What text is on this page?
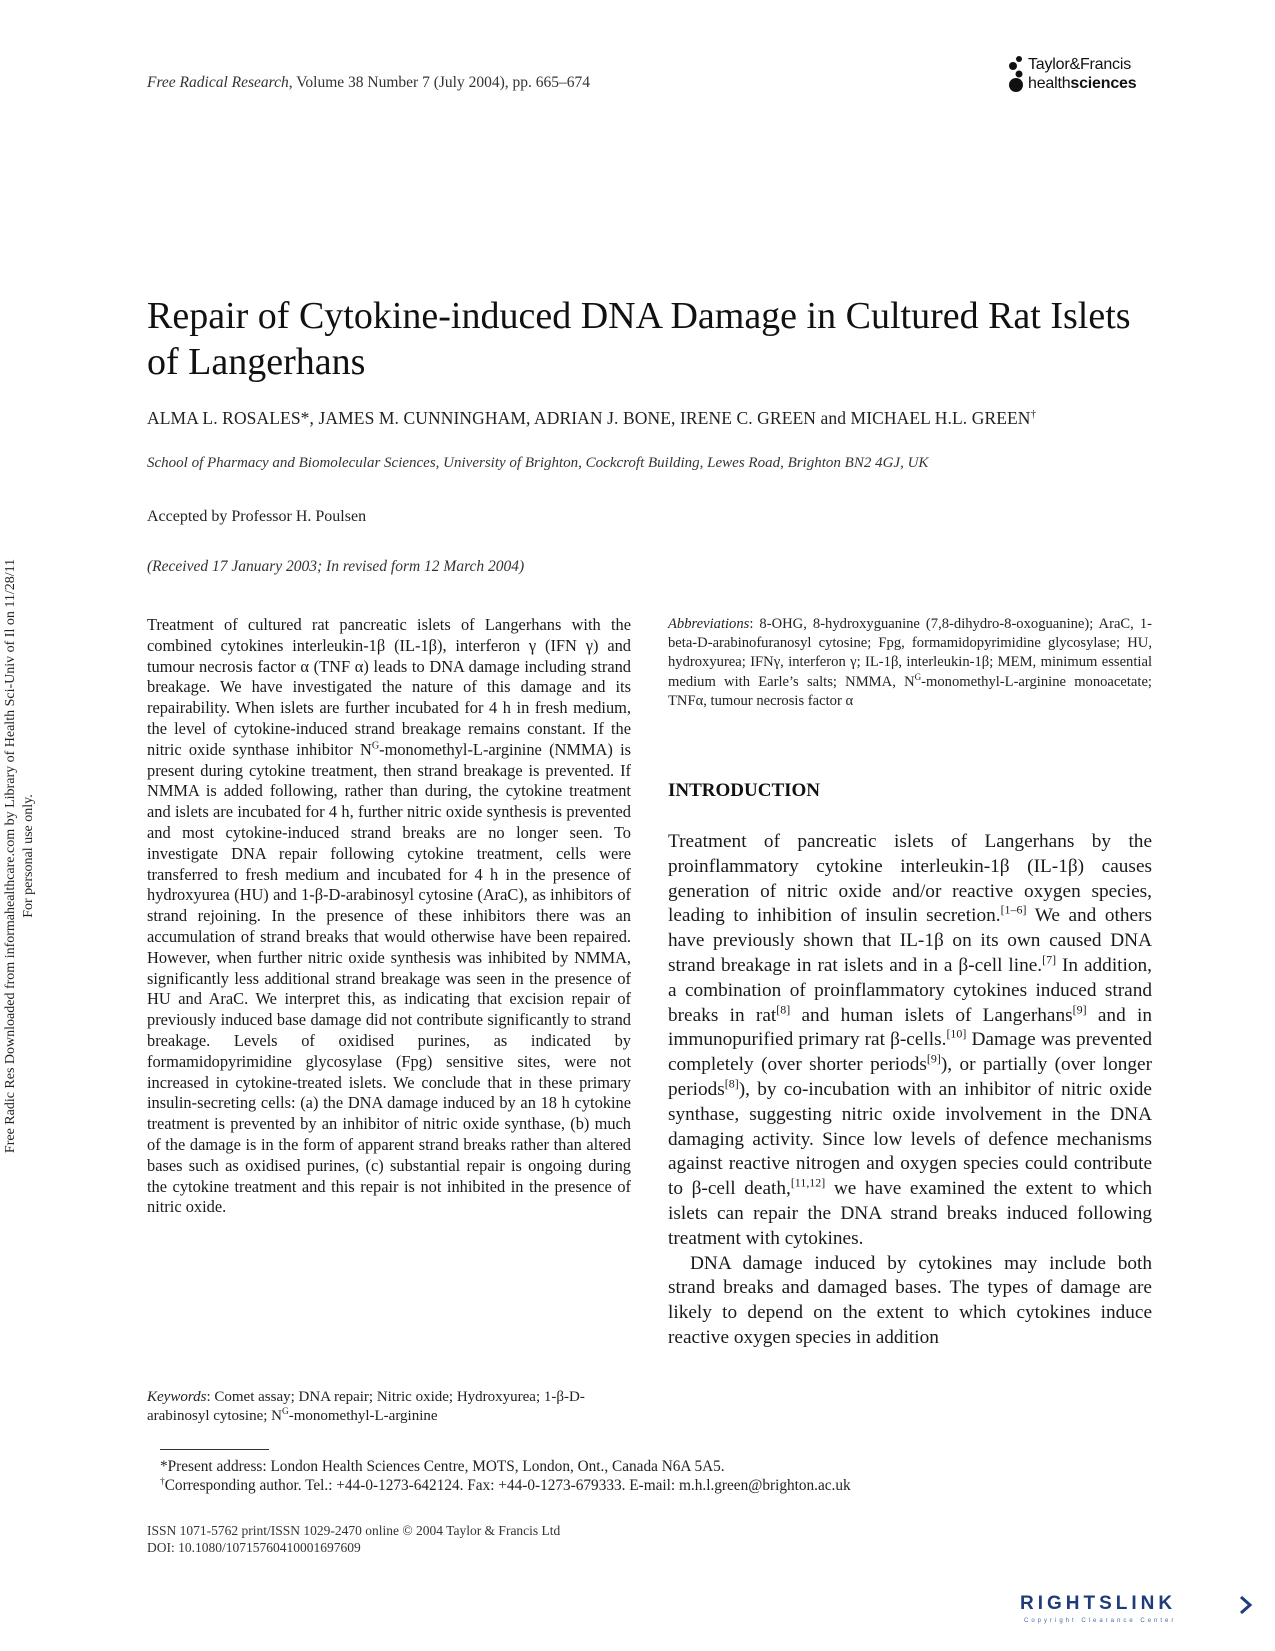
Free Radical Research, Volume 38 Number 7 (July 2004), pp. 665–674
Taylor&Francis
healthsciences
Free Radic Res Downloaded from informahealthcare.com by Library of Health Sci-Univ of Il on 11/28/11 For personal use only.
Repair of Cytokine-induced DNA Damage in Cultured Rat Islets of Langerhans
ALMA L. ROSALES*, JAMES M. CUNNINGHAM, ADRIAN J. BONE, IRENE C. GREEN and MICHAEL H.L. GREEN†
School of Pharmacy and Biomolecular Sciences, University of Brighton, Cockcroft Building, Lewes Road, Brighton BN2 4GJ, UK
Accepted by Professor H. Poulsen
(Received 17 January 2003; In revised form 12 March 2004)
Treatment of cultured rat pancreatic islets of Langerhans with the combined cytokines interleukin-1β (IL-1β), interferon γ (IFN γ) and tumour necrosis factor α (TNF α) leads to DNA damage including strand breakage. We have investigated the nature of this damage and its repairability. When islets are further incubated for 4 h in fresh medium, the level of cytokine-induced strand breakage remains constant. If the nitric oxide synthase inhibitor $N^G-monomethyl-L$-arginine (NMMA) is present during cytokine treatment, then strand breakage is prevented. If NMMA is added following, rather than during, the cytokine treatment and islets are incubated for 4 h, further nitric oxide synthesis is prevented and most cytokine-induced strand breaks are no longer seen. To investigate DNA repair following cytokine treatment, cells were transferred to fresh medium and incubated for 4 h in the presence of hydroxyurea (HU) and 1-β-D-arabinosyl cytosine (AraC), as inhibitors of strand rejoining. In the presence of these inhibitors there was an accumulation of strand breaks that would otherwise have been repaired. However, when further nitric oxide synthesis was inhibited by NMMA, significantly less additional strand breakage was seen in the presence of HU and AraC. We interpret this, as indicating that excision repair of previously induced base damage did not contribute significantly to strand breakage. Levels of oxidised purines, as indicated by formamidopyrimidine glycosylase (Fpg) sensitive sites, were not increased in cytokine-treated islets. We conclude that in these primary insulin-secreting cells: (a) the DNA damage induced by an 18 h cytokine treatment is prevented by an inhibitor of nitric oxide synthase, (b) much of the damage is in the form of apparent strand breaks rather than altered bases such as oxidised purines, (c) substantial repair is ongoing during the cytokine treatment and this repair is not inhibited in the presence of nitric oxide.
Keywords: Comet assay; DNA repair; Nitric oxide; Hydroxyurea; 1-β-D-arabinosyl cytosine; $N^G-monomethyl-L$-arginine
Abbreviations: 8-OHG, 8-hydroxyguanine (7,8-dihydro-8-oxoguanine); AraC, 1-beta-D-arabinofuranosyl cytosine; Fpg, formamidopyrimidine glycosylase; HU, hydroxyurea; IFNγ, interferon γ; IL-1β, interleukin-1β; MEM, minimum essential medium with Earle’s salts; NMMA, $N^G-monomethyl-L$-arginine monoacetate; TNFα, tumour necrosis factor α
INTRODUCTION

Treatment of pancreatic islets of Langerhans by the proinflammatory cytokine interleukin-1β (IL-1β) causes generation of nitric oxide and/or reactive oxygen species, leading to inhibition of insulin secretion.[1–6] We and others have previously shown that IL-1β on its own caused DNA strand breakage in rat islets and in a β-cell line.[7] In addition, a combination of proinflammatory cytokines induced strand breaks in rat[8] and human islets of Langerhans[9] and in immunopurified primary rat β-cells.[10] Damage was prevented completely (over shorter periods[9]), or partially (over longer periods[8]), by co-incubation with an inhibitor of nitric oxide synthase, suggesting nitric oxide involvement in the DNA damaging activity. Since low levels of defence mechanisms against reactive nitrogen and oxygen species could contribute to β-cell death,[11,12] we have examined the extent to which islets can repair the DNA strand breaks induced following treatment with cytokines.

DNA damage induced by cytokines may include both strand breaks and damaged bases. The types of damage are likely to depend on the extent to which cytokines induce reactive oxygen species in addition

*Present address: London Health Sciences Centre, MOTS, London, Ont., Canada N6A 5A5.
†Corresponding author. Tel.: +44-0-1273-642124. Fax: +44-0-1273-679333. E-mail: m.h.l.green@brighton.ac.uk
ISSN 1071-5762 print/ISSN 1029-2470 online © 2004 Taylor & Francis Ltd
DOI: 10.1080/10715760410001697609
RIGHTSLINK
Copyright Clearance Center
